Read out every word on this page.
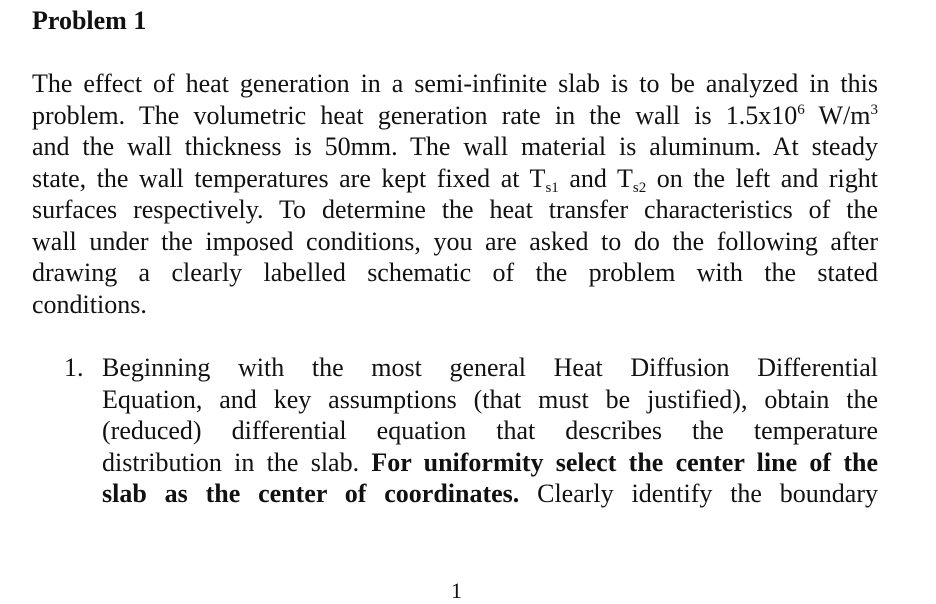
Problem 1
The effect of heat generation in a semi-infinite slab is to be analyzed in this
problem. The volumetric heat generation rate in the wall is $1.5x10^6$ $W/m^3$
and the wall thickness is 50mm. The wall material is aluminum. At steady
state, the wall temperatures are kept fixed at $T_{s1}$ and $T_{s2}$ on the left and right
surfaces respectively. To determine the heat transfer characteristics of the
wall under the imposed conditions, you are asked to do the following after
drawing a clearly labelled schematic of the problem with the stated
conditions.
1. Beginning with the most general Heat Diffusion Differential
Equation, and key assumptions (that must be justified), obtain the
(reduced) differential equation that describes the temperature
distribution in the slab. For uniformity select the center line of the
slab as the center of coordinates. Clearly identify the boundary
1
